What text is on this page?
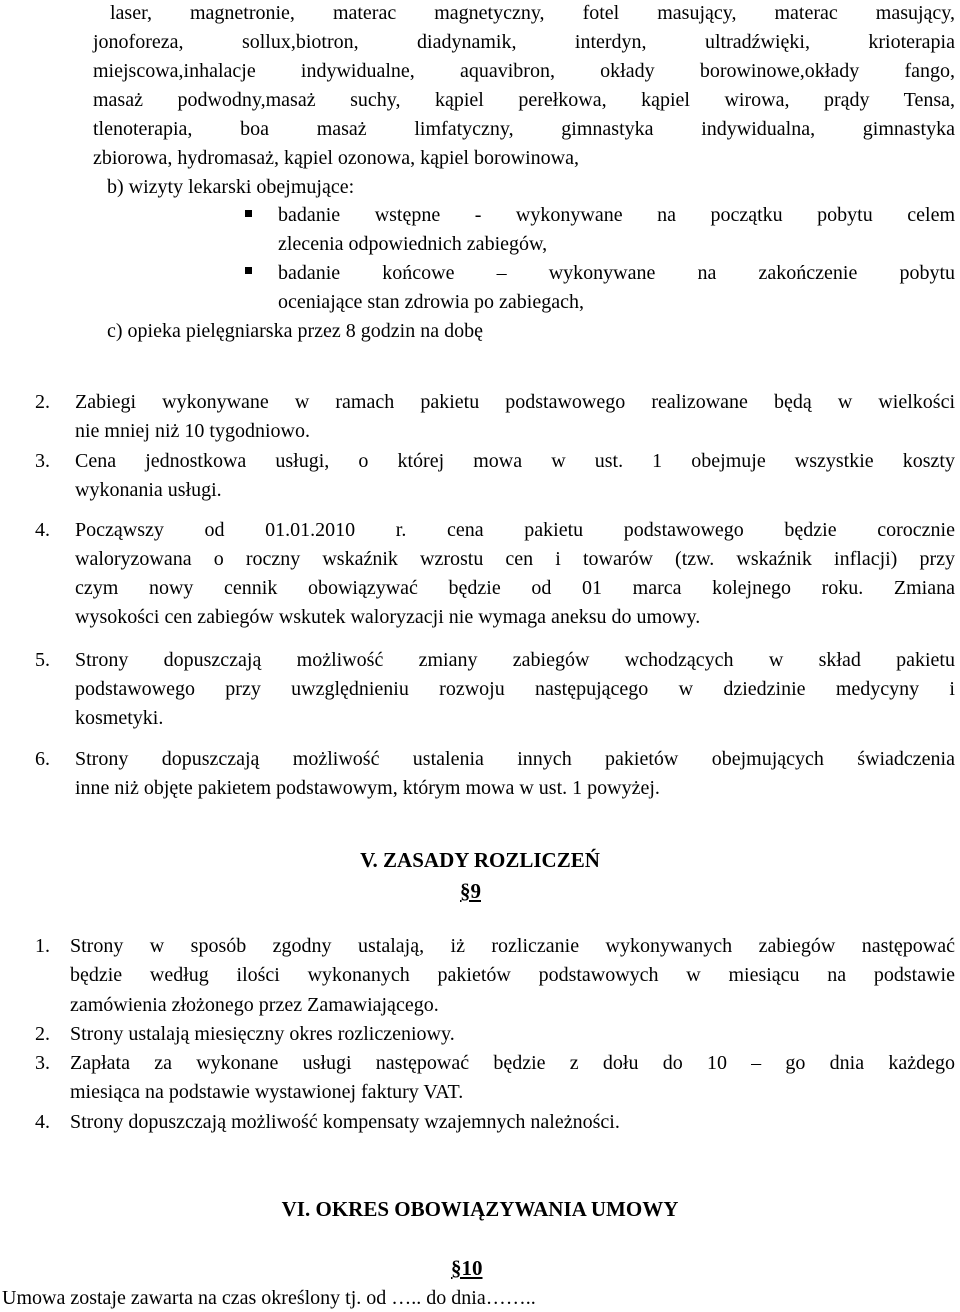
laser, magnetronie, materac magnetyczny, fotel masujący, materac masujący,
jonoforeza, sollux,biotron, diadynamik, interdyn, ultradźwięki, krioterapia
miejscowa,inhalacje indywidualne, aquavibron, okłady borowinowe,okłady fango,
masaż podwodny,masaż suchy, kąpiel perełkowa, kąpiel wirowa, prądy Tensa,
tlenoterapia, boa masaż limfatyczny, gimnastyka indywidualna, gimnastyka
zbiorowa, hydromasaż, kąpiel ozonowa, kąpiel borowinowa,
b) wizyty lekarski obejmujące:
badanie wstępne - wykonywane na początku pobytu celem
zlecenia odpowiednich zabiegów,
badanie końcowe – wykonywane na zakończenie pobytu
oceniające stan zdrowia po zabiegach,
c) opieka pielęgniarska przez 8 godzin na dobę
2. Zabiegi wykonywane w ramach pakietu podstawowego realizowane będą w wielkości
nie mniej niż 10 tygodniowo.
3. Cena jednostkowa usługi, o której mowa w ust. 1 obejmuje wszystkie koszty
wykonania usługi.
4. Począwszy od 01.01.2010 r. cena pakietu podstawowego będzie corocznie
waloryzowana o roczny wskaźnik wzrostu cen i towarów (tzw. wskaźnik inflacji) przy
czym nowy cennik obowiązywać będzie od 01 marca kolejnego roku. Zmiana
wysokości cen zabiegów wskutek waloryzacji nie wymaga aneksu do umowy.
5. Strony dopuszczają możliwość zmiany zabiegów wchodzących w skład pakietu
podstawowego przy uwzględnieniu rozwoju następującego w dziedzinie medycyny i
kosmetyki.
6. Strony dopuszczają możliwość ustalenia innych pakietów obejmujących świadczenia
inne niż objęte pakietem podstawowym, którym mowa w ust. 1 powyżej.
V. ZASADY ROZLICZEŃ
§9
1. Strony w sposób zgodny ustalają, iż rozliczanie wykonywanych zabiegów następować
będzie według ilości wykonanych pakietów podstawowych w miesiącu na podstawie
zamówienia złożonego przez Zamawiającego.
2. Strony ustalają miesięczny okres rozliczeniowy.
3. Zapłata za wykonane usługi następować będzie z dołu do 10 – go dnia każdego
miesiąca na podstawie wystawionej faktury VAT.
4. Strony dopuszczają możliwość kompensaty wzajemnych należności.
VI. OKRES OBOWIĄZYWANIA UMOWY
§10
Umowa zostaje zawarta na czas określony tj. od ….. do dnia……..
